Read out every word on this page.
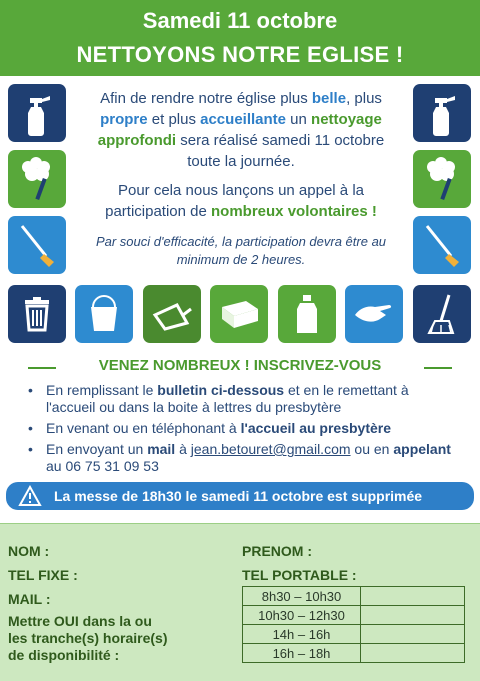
Samedi 11 octobre
NETTOYONS NOTRE EGLISE !
Afin de rendre notre église plus belle, plus propre et plus accueillante un nettoyage approfondi sera réalisé samedi 11 octobre toute la journée.
Pour cela nous lançons un appel à la participation de nombreux volontaires !
Par souci d'efficacité, la participation devra être au minimum de 2 heures.
VENEZ NOMBREUX ! INSCRIVEZ-VOUS
• En remplissant le bulletin ci-dessous et en le remettant à l'accueil ou dans la boite à lettres du presbytère
• En venant ou en téléphonant à l'accueil au presbytère
• En envoyant un mail à jean.betouret@gmail.com ou en appelant au 06 75 31 09 53
La messe de 18h30 le samedi 11 octobre est supprimée
NOM :	PRENOM :
TEL FIXE :	TEL PORTABLE :
MAIL :
Mettre OUI dans la ou
les tranche(s) horaire(s)
de disponibilité :
8h30 – 10h30	
10h30 – 12h30	
14h – 16h	
16h – 18h	
